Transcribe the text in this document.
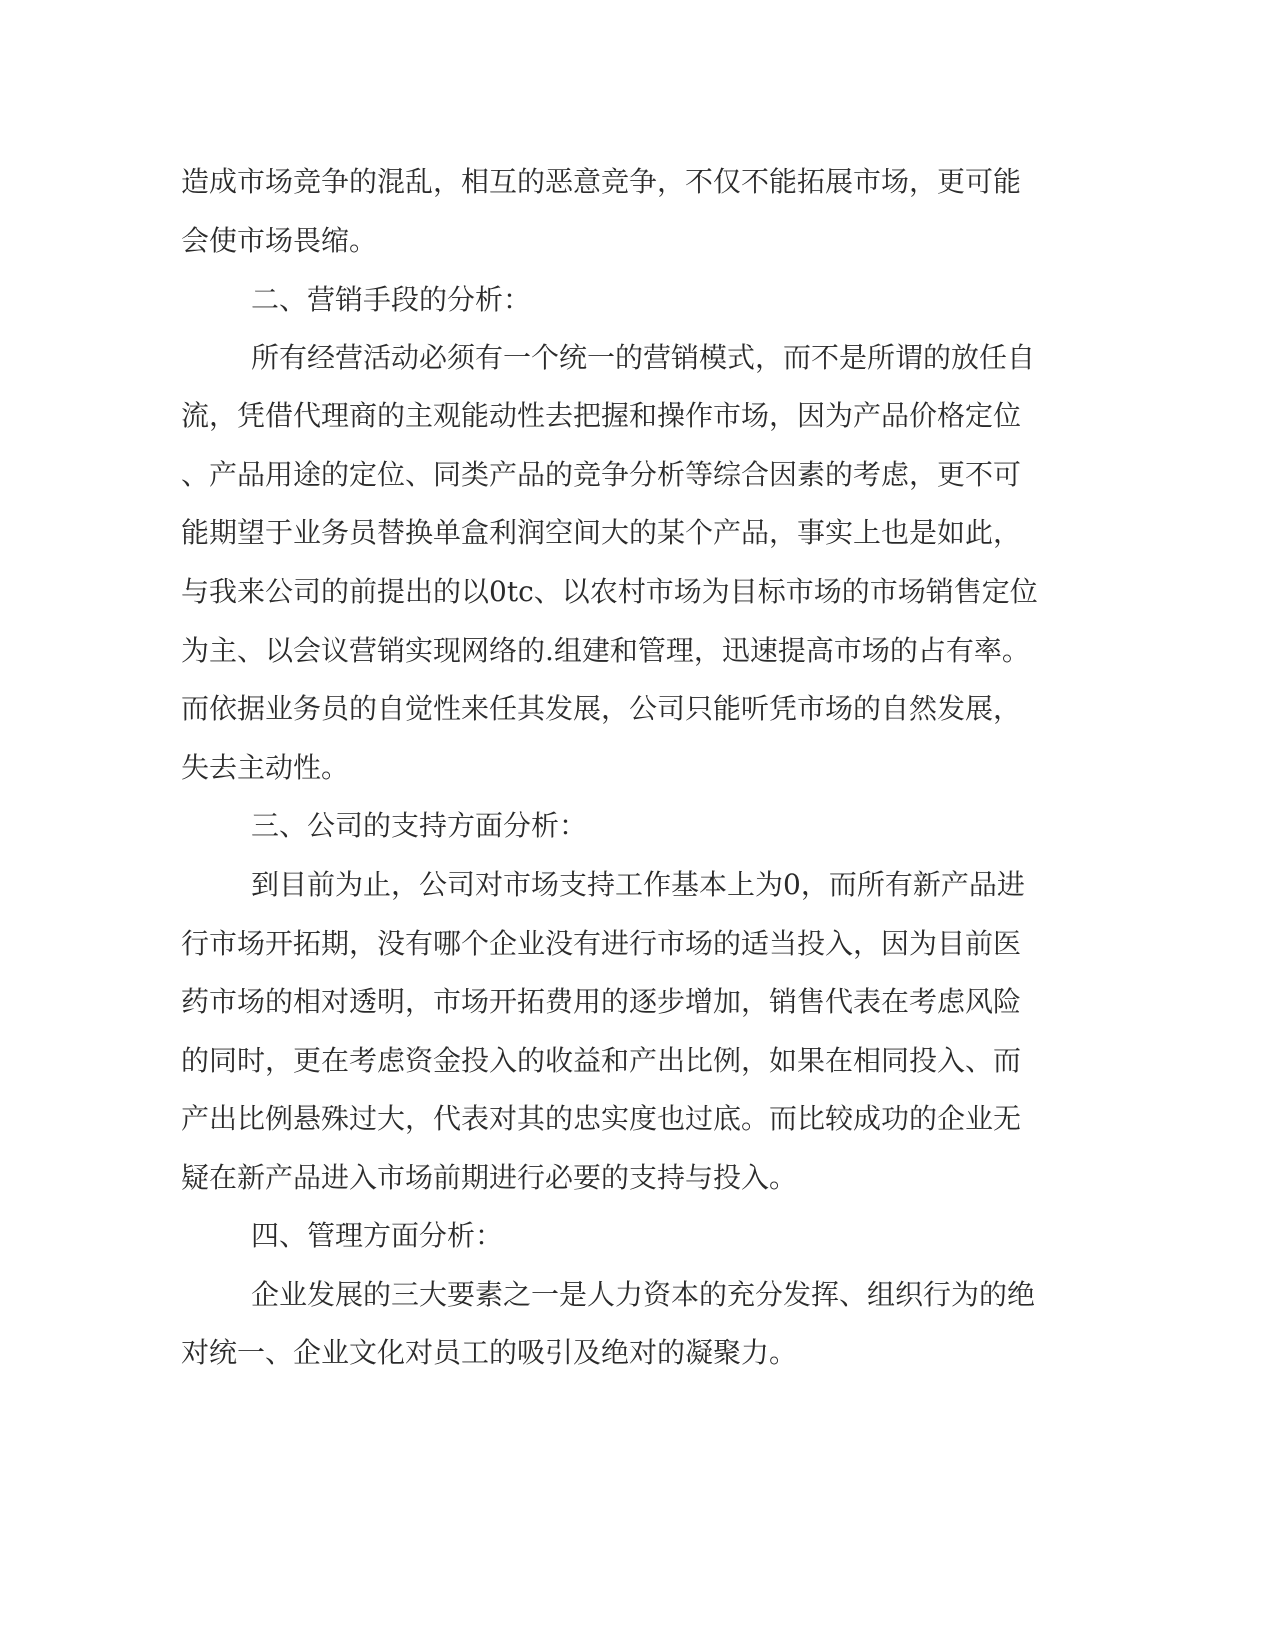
造成市场竞争的混乱，相互的恶意竞争，不仅不能拓展市场，更可能
会使市场畏缩。
二、营销手段的分析：
所有经营活动必须有一个统一的营销模式，而不是所谓的放任自
流，凭借代理商的主观能动性去把握和操作市场，因为产品价格定位
、产品用途的定位、同类产品的竞争分析等综合因素的考虑，更不可
能期望于业务员替换单盒利润空间大的某个产品，事实上也是如此，
与我来公司的前提出的以0tc、以农村市场为目标市场的市场销售定位
为主、以会议营销实现网络的.组建和管理，迅速提高市场的占有率。
而依据业务员的自觉性来任其发展，公司只能听凭市场的自然发展，
失去主动性。
三、公司的支持方面分析：
到目前为止，公司对市场支持工作基本上为0，而所有新产品进
行市场开拓期，没有哪个企业没有进行市场的适当投入，因为目前医
药市场的相对透明，市场开拓费用的逐步增加，销售代表在考虑风险
的同时，更在考虑资金投入的收益和产出比例，如果在相同投入、而
产出比例悬殊过大，代表对其的忠实度也过底。而比较成功的企业无
疑在新产品进入市场前期进行必要的支持与投入。
四、管理方面分析：
企业发展的三大要素之一是人力资本的充分发挥、组织行为的绝
对统一、企业文化对员工的吸引及绝对的凝聚力。
